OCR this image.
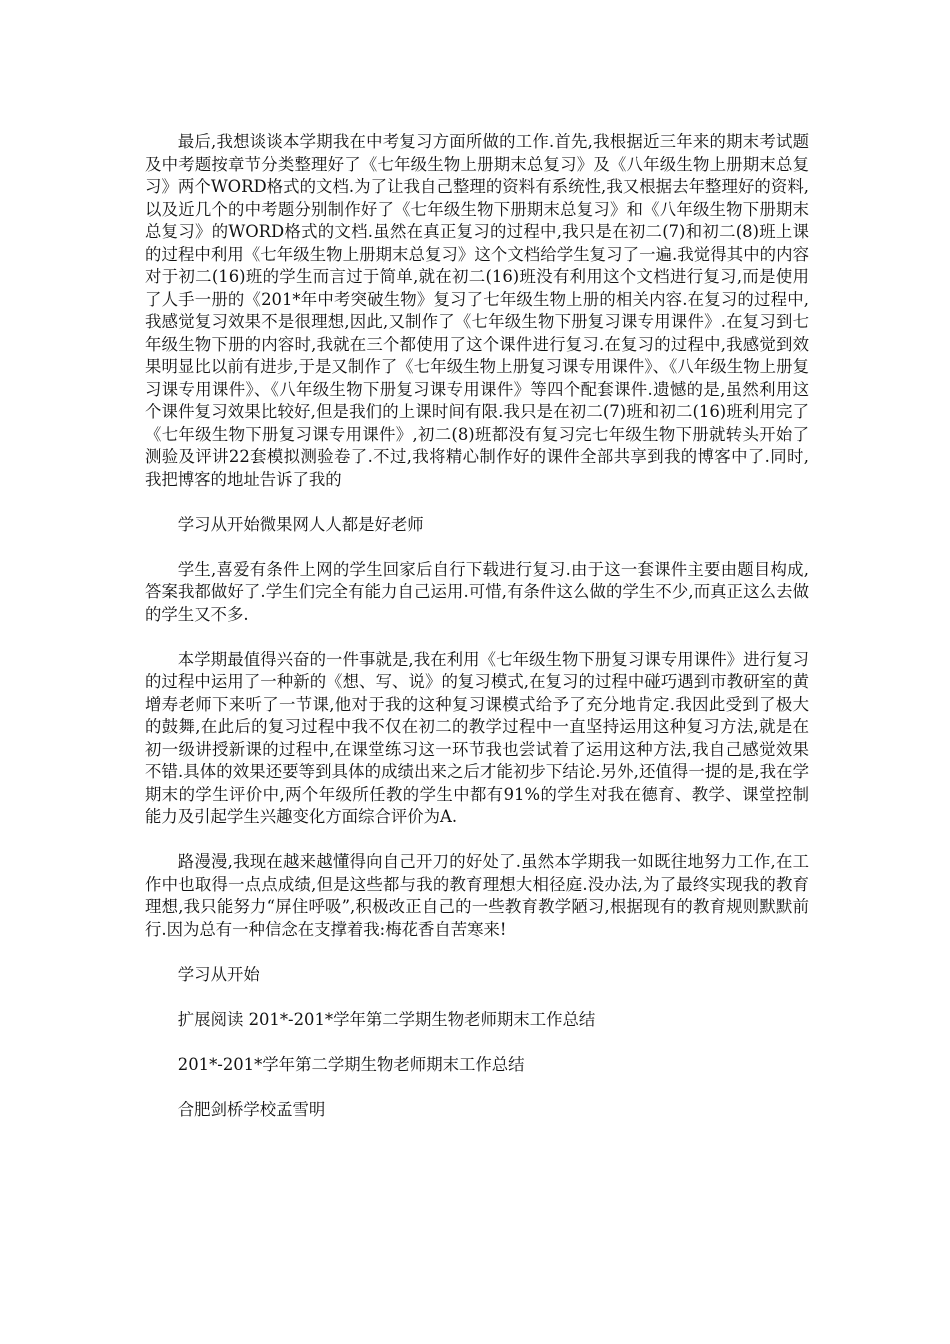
最后,我想谈谈本学期我在中考复习方面所做的工作.首先,我根据近三年来的期末考试题及中考题按章节分类整理好了《七年级生物上册期末总复习》及《八年级生物上册期末总复习》两个WORD格式的文档.为了让我自己整理的资料有系统性,我又根据去年整理好的资料,以及近几个的中考题分别制作好了《七年级生物下册期末总复习》和《八年级生物下册期末总复习》的WORD格式的文档.虽然在真正复习的过程中,我只是在初二(7)和初二(8)班上课的过程中利用《七年级生物上册期末总复习》这个文档给学生复习了一遍.我觉得其中的内容对于初二(16)班的学生而言过于简单,就在初二(16)班没有利用这个文档进行复习,而是使用了人手一册的《201*年中考突破生物》复习了七年级生物上册的相关内容.在复习的过程中,我感觉复习效果不是很理想,因此,又制作了《七年级生物下册复习课专用课件》.在复习到七年级生物下册的内容时,我就在三个都使用了这个课件进行复习.在复习的过程中,我感觉到效果明显比以前有进步,于是又制作了《七年级生物上册复习课专用课件》、《八年级生物上册复习课专用课件》、《八年级生物下册复习课专用课件》等四个配套课件.遗憾的是,虽然利用这个课件复习效果比较好,但是我们的上课时间有限.我只是在初二(7)班和初二(16)班利用完了《七年级生物下册复习课专用课件》,初二(8)班都没有复习完七年级生物下册就转头开始了测验及评讲22套模拟测验卷了.不过,我将精心制作好的课件全部共享到我的博客中了.同时,我把博客的地址告诉了我的

学习从开始微果网人人都是好老师

学生,喜爱有条件上网的学生回家后自行下载进行复习.由于这一套课件主要由题目构成,答案我都做好了.学生们完全有能力自己运用.可惜,有条件这么做的学生不少,而真正这么去做的学生又不多.

本学期最值得兴奋的一件事就是,我在利用《七年级生物下册复习课专用课件》进行复习的过程中运用了一种新的《想、写、说》的复习模式,在复习的过程中碰巧遇到市教研室的黄增寿老师下来听了一节课,他对于我的这种复习课模式给予了充分地肯定.我因此受到了极大的鼓舞,在此后的复习过程中我不仅在初二的教学过程中一直坚持运用这种复习方法,就是在初一级讲授新课的过程中,在课堂练习这一环节我也尝试着了运用这种方法,我自己感觉效果不错.具体的效果还要等到具体的成绩出来之后才能初步下结论.另外,还值得一提的是,我在学期末的学生评价中,两个年级所任教的学生中都有91%的学生对我在德育、教学、课堂控制能力及引起学生兴趣变化方面综合评价为A.

路漫漫,我现在越来越懂得向自己开刀的好处了.虽然本学期我一如既往地努力工作,在工作中也取得一点点成绩,但是这些都与我的教育理想大相径庭.没办法,为了最终实现我的教育理想,我只能努力“屏住呼吸”,积极改正自己的一些教育教学陋习,根据现有的教育规则默默前行.因为总有一种信念在支撑着我:梅花香自苦寒来!

学习从开始

扩展阅读 201*-201*学年第二学期生物老师期末工作总结

201*-201*学年第二学期生物老师期末工作总结

合肥剑桥学校孟雪明
